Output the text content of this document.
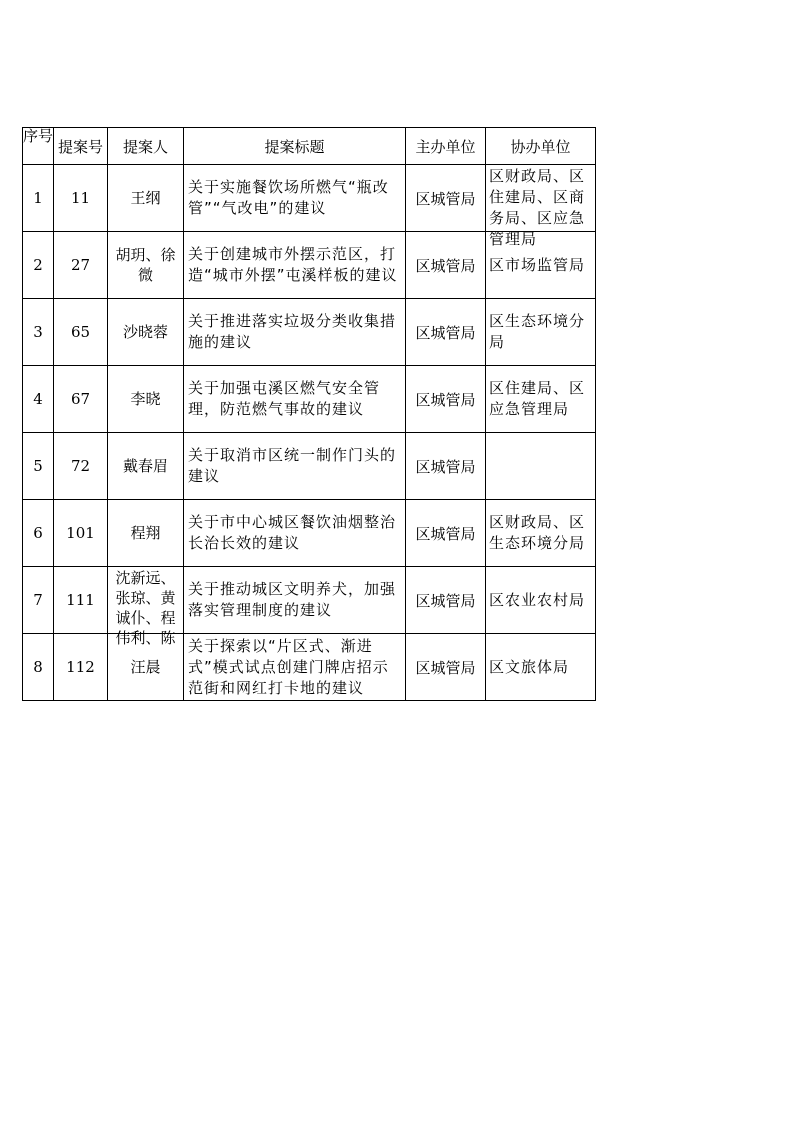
序号	提案号	提案人	提案标题	主办单位	协办单位
1	11	王纲	关于实施餐饮场所燃气“瓶改管”“气改电”的建议	区城管局	区财政局、区住建局、区商务局、区应急管理局

2	27	胡玥、徐微	关于创建城市外摆示范区，打造“城市外摆”屯溪样板的建议	区城管局	区市场监管局

3	65	沙晓蓉	关于推进落实垃圾分类收集措施的建议	区城管局	区生态环境分局

4	67	李晓	关于加强屯溪区燃气安全管理，防范燃气事故的建议	区城管局	区住建局、区应急管理局

5	72	戴春眉	关于取消市区统一制作门头的建议	区城管局	

6	101	程翔	关于市中心城区餐饮油烟整治长治长效的建议	区城管局	区财政局、区生态环境分局

7	111	沈新远、张琼、黄诚仆、程伟利、陈	关于推动城区文明养犬，加强落实管理制度的建议	区城管局	区农业农村局

8	112	汪晨	关于探索以“片区式、渐进式”模式试点创建门牌店招示范街和网红打卡地的建议	区城管局	区文旅体局
